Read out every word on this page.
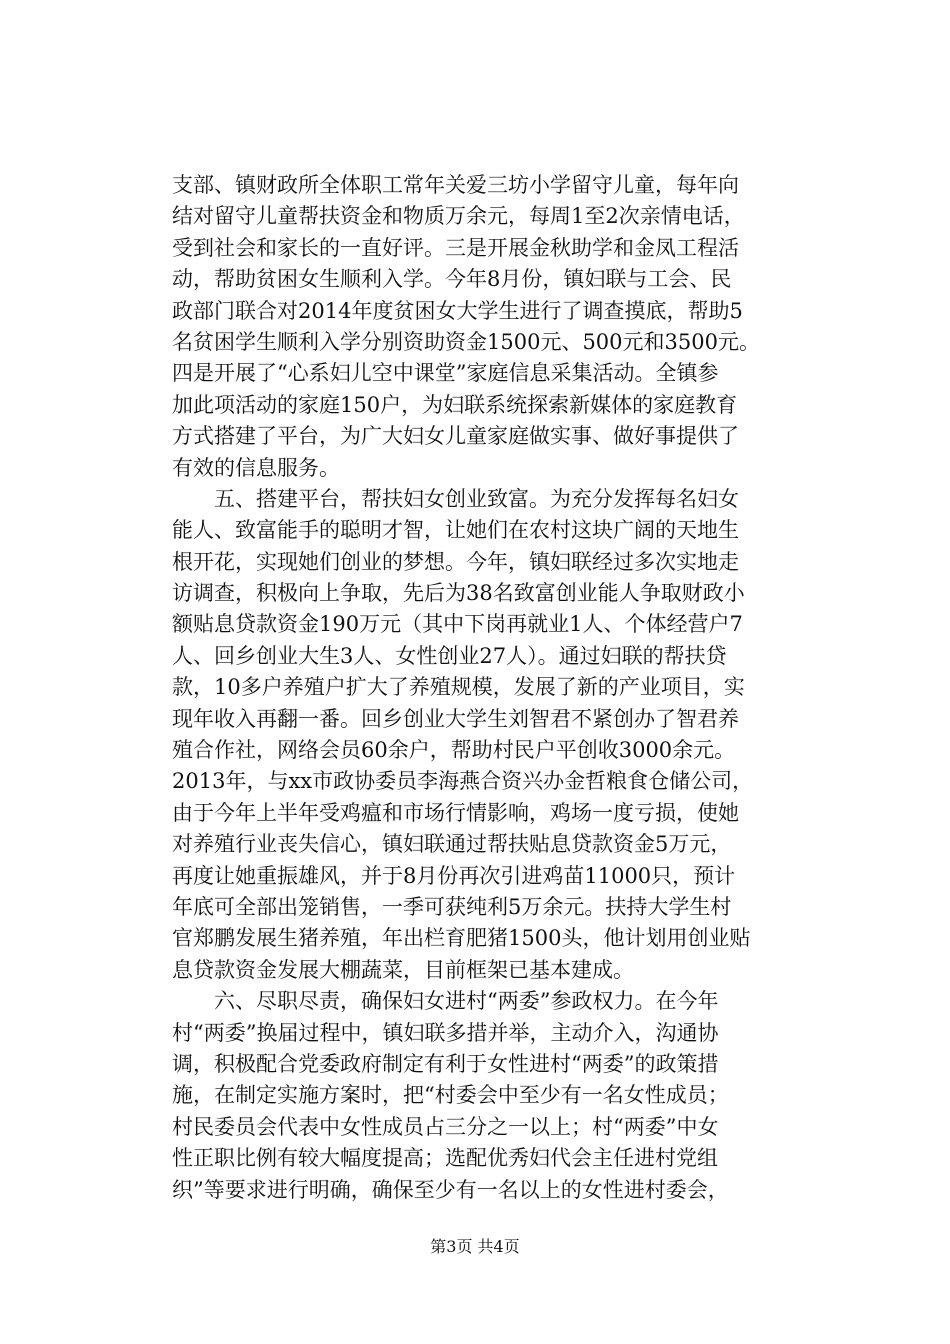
支部、镇财政所全体职工常年关爱三坊小学留守儿童，每年向
结对留守儿童帮扶资金和物质万余元，每周1至2次亲情电话，
受到社会和家长的一直好评。三是开展金秋助学和金凤工程活
动，帮助贫困女生顺利入学。今年8月份，镇妇联与工会、民
政部门联合对2014年度贫困女大学生进行了调查摸底，帮助5
名贫困学生顺利入学分别资助资金1500元、500元和3500元。
四是开展了“心系妇儿空中课堂”家庭信息采集活动。全镇参
加此项活动的家庭150户，为妇联系统探索新媒体的家庭教育
方式搭建了平台，为广大妇女儿童家庭做实事、做好事提供了
有效的信息服务。
　　五、搭建平台，帮扶妇女创业致富。为充分发挥每名妇女
能人、致富能手的聪明才智，让她们在农村这块广阔的天地生
根开花，实现她们创业的梦想。今年，镇妇联经过多次实地走
访调查，积极向上争取，先后为38名致富创业能人争取财政小
额贴息贷款资金190万元（其中下岗再就业1人、个体经营户7
人、回乡创业大生3人、女性创业27人）。通过妇联的帮扶贷
款，10多户养殖户扩大了养殖规模，发展了新的产业项目，实
现年收入再翻一番。回乡创业大学生刘智君不紧创办了智君养
殖合作社，网络会员60余户，帮助村民户平创收3000余元。
2013年，与xx市政协委员李海燕合资兴办金哲粮食仓储公司，
由于今年上半年受鸡瘟和市场行情影响，鸡场一度亏损，使她
对养殖行业丧失信心，镇妇联通过帮扶贴息贷款资金5万元，
再度让她重振雄风，并于8月份再次引进鸡苗11000只，预计
年底可全部出笼销售，一季可获纯利5万余元。扶持大学生村
官郑鹏发展生猪养殖，年出栏育肥猪1500头，他计划用创业贴
息贷款资金发展大棚蔬菜，目前框架已基本建成。
　　六、尽职尽责，确保妇女进村“两委”参政权力。在今年
村“两委”换届过程中，镇妇联多措并举，主动介入，沟通协
调，积极配合党委政府制定有利于女性进村“两委”的政策措
施，在制定实施方案时，把“村委会中至少有一名女性成员；
村民委员会代表中女性成员占三分之一以上；村“两委”中女
性正职比例有较大幅度提高；选配优秀妇代会主任进村党组
织”等要求进行明确，确保至少有一名以上的女性进村委会，
第3页 共4页
